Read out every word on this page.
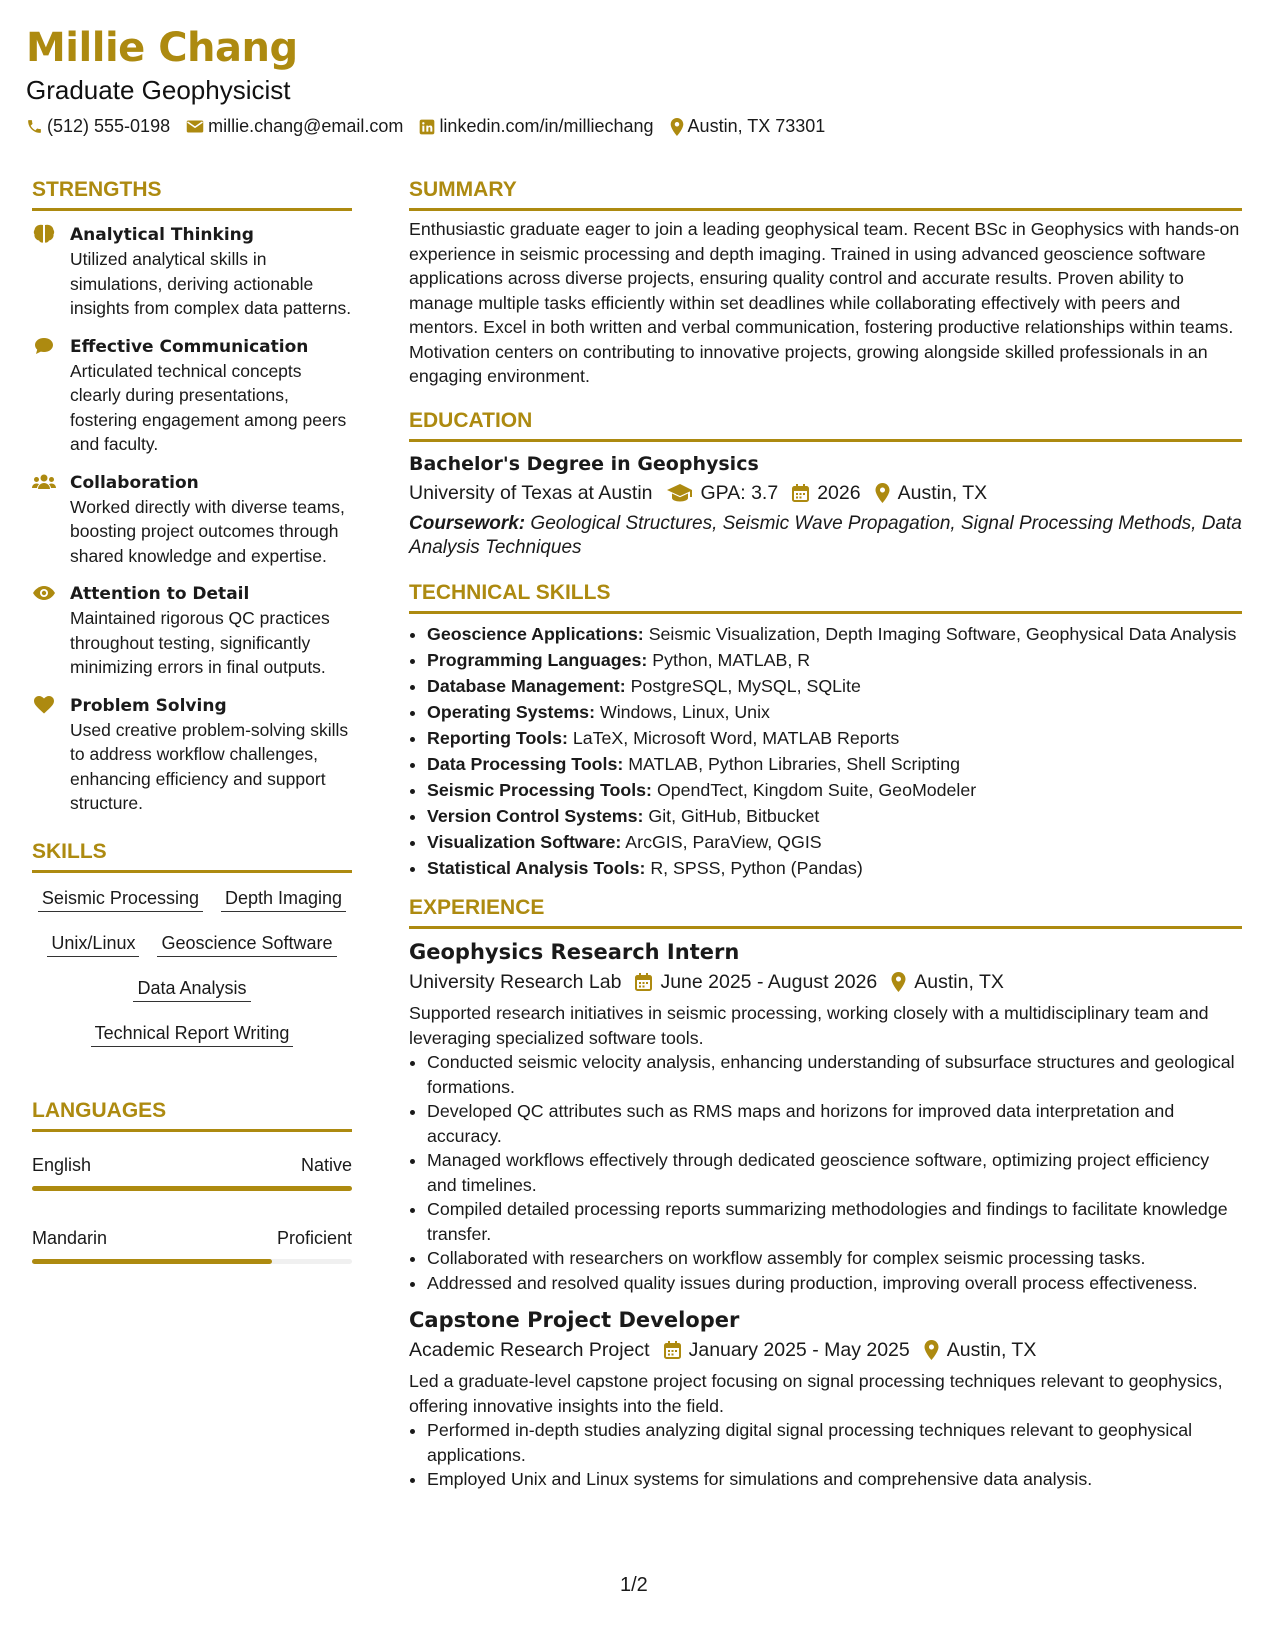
Millie Chang

Graduate Geophysicist

(512) 555-0198 millie.chang@email.com linkedin.com/in/milliechang Austin, TX 73301
STRENGTHS
Analytical Thinking
Utilized analytical skills in simulations, deriving actionable insights from complex data patterns.
Effective Communication
Articulated technical concepts clearly during presentations, fostering engagement among peers and faculty.
Collaboration
Worked directly with diverse teams, boosting project outcomes through shared knowledge and expertise.
Attention to Detail
Maintained rigorous QC practices throughout testing, significantly minimizing errors in final outputs.
Problem Solving
Used creative problem-solving skills to address workflow challenges, enhancing efficiency and support structure.
SKILLS
Seismic Processing Depth Imaging
Unix/Linux Geoscience Software
Data Analysis
Technical Report Writing
LANGUAGES
English	Native
Mandarin	Proficient
SUMMARY

Enthusiastic graduate eager to join a leading geophysical team. Recent BSc in Geophysics with hands-on experience in seismic processing and depth imaging. Trained in using advanced geoscience software applications across diverse projects, ensuring quality control and accurate results. Proven ability to manage multiple tasks efficiently within set deadlines while collaborating effectively with peers and mentors. Excel in both written and verbal communication, fostering productive relationships within teams. Motivation centers on contributing to innovative projects, growing alongside skilled professionals in an engaging environment.

EDUCATION
Bachelor's Degree in Geophysics
University of Texas at Austin GPA: 3.7 2026 Austin, TX
Coursework: Geological Structures, Seismic Wave Propagation, Signal Processing Methods, Data Analysis Techniques
TECHNICAL SKILLS
• Geoscience Applications: Seismic Visualization, Depth Imaging Software, Geophysical Data Analysis
• Programming Languages: Python, MATLAB, R
• Database Management: PostgreSQL, MySQL, SQLite
• Operating Systems: Windows, Linux, Unix
• Reporting Tools: LaTeX, Microsoft Word, MATLAB Reports
• Data Processing Tools: MATLAB, Python Libraries, Shell Scripting
• Seismic Processing Tools: OpendTect, Kingdom Suite, GeoModeler
• Version Control Systems: Git, GitHub, Bitbucket
• Visualization Software: ArcGIS, ParaView, QGIS
• Statistical Analysis Tools: R, SPSS, Python (Pandas)
EXPERIENCE
Geophysics Research Intern
University Research Lab June 2025 - August 2026 Austin, TX

Supported research initiatives in seismic processing, working closely with a multidisciplinary team and leveraging specialized software tools.

• Conducted seismic velocity analysis, enhancing understanding of subsurface structures and geological formations.
• Developed QC attributes such as RMS maps and horizons for improved data interpretation and accuracy.
• Managed workflows effectively through dedicated geoscience software, optimizing project efficiency and timelines.
• Compiled detailed processing reports summarizing methodologies and findings to facilitate knowledge transfer.
• Collaborated with researchers on workflow assembly for complex seismic processing tasks.
• Addressed and resolved quality issues during production, improving overall process effectiveness.
Capstone Project Developer
Academic Research Project January 2025 - May 2025 Austin, TX

Led a graduate-level capstone project focusing on signal processing techniques relevant to geophysics, offering innovative insights into the field.

• Performed in-depth studies analyzing digital signal processing techniques relevant to geophysical applications.
• Employed Unix and Linux systems for simulations and comprehensive data analysis.
1/2
